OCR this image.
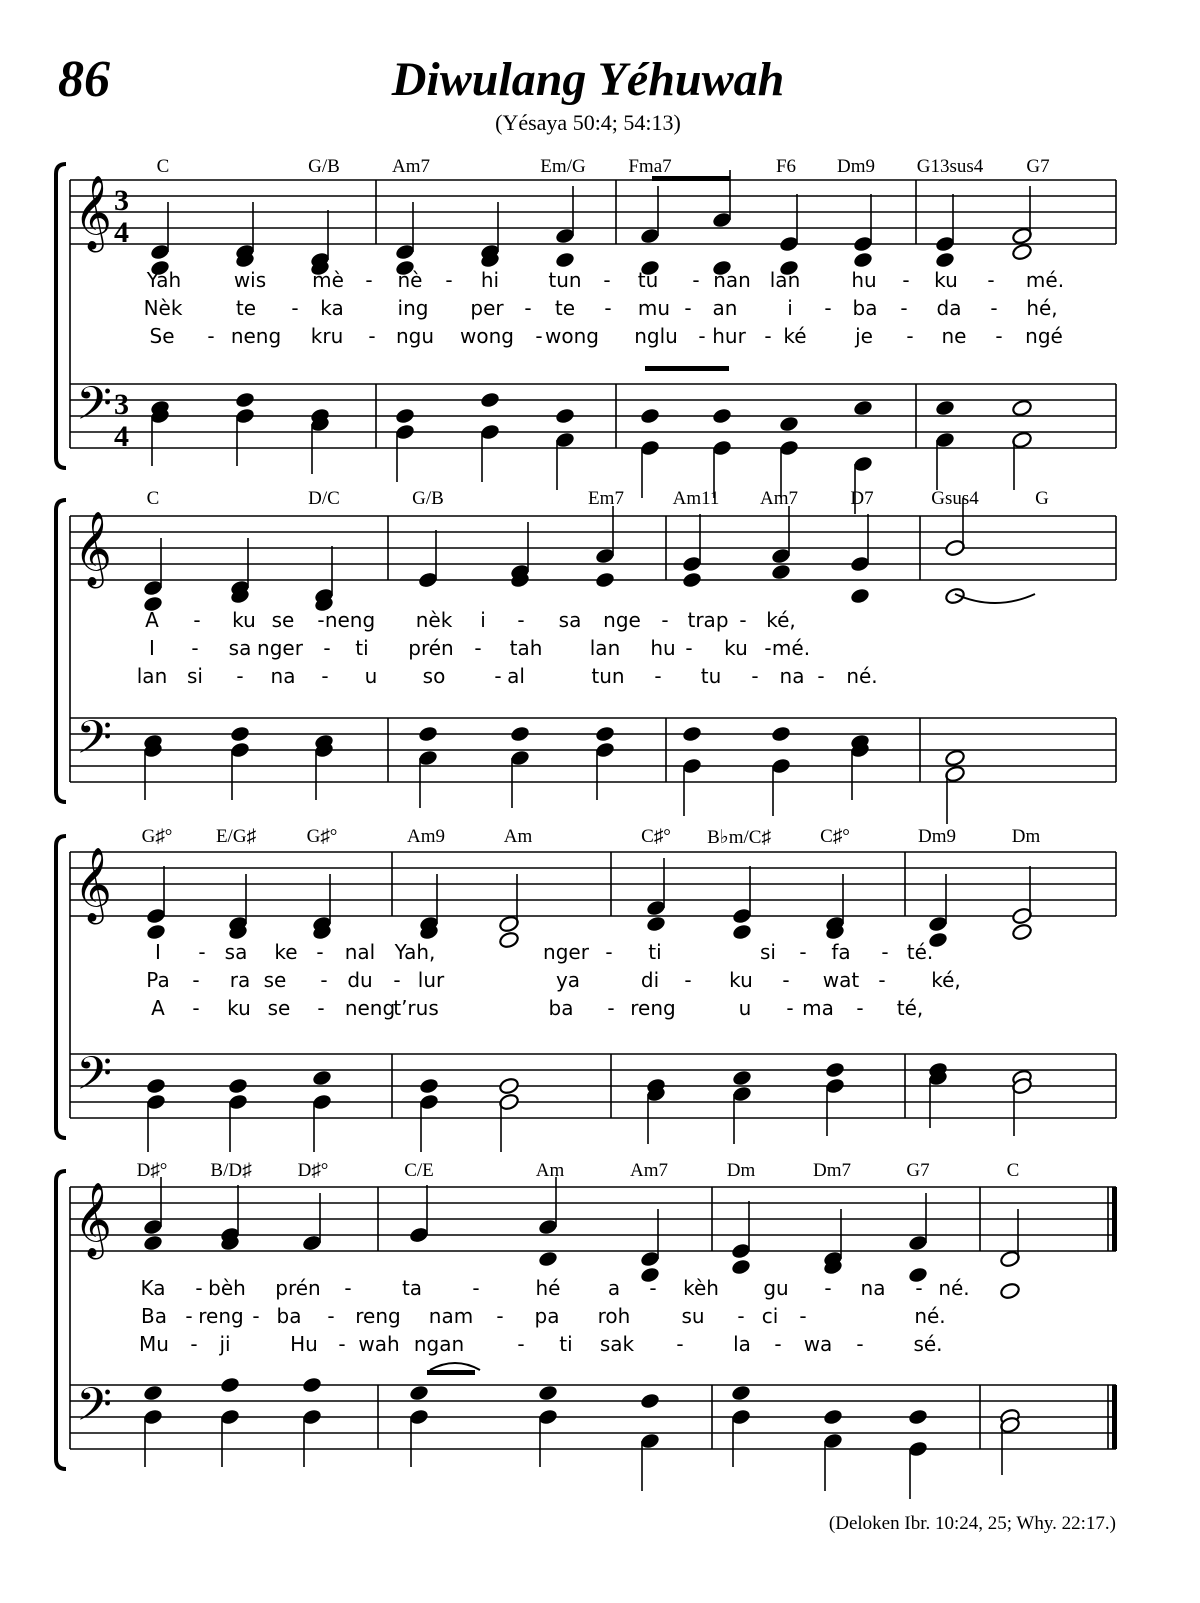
86	Diwulang Yéhuwah
(Yésaya 50:4; 54:13)
𝄞
𝄢
3
4
3
4
𝄞
𝄢
𝄞
𝄢
𝄞
𝄢
C	G/B	Am7	Em/G Fma7	F6 Dm9 G13sus4 G7
C	D/C	G/B	Em7	Am11 Am7	D7	Gsus4	G
G♯° E/G♯	G♯°	Am9	Am	C♯° B♭m/C♯	C♯°	Dm9	Dm
D♯° B/D♯ D♯°	C/E	Am	Am7	Dm	Dm7	G7	C
Yah	wis mè - nè - hi tun - tu - nan lan	hu - ku - mé.
Nèk	te - ka	ing per - te - mu - an i - ba - da - hé,
Se - neng kru - ngu wong - wong nglu - hur - ké je - ne - ngé
A - ku se - neng nèk i - sa nge - trap - ké,
I - sa nger - ti prén - tah lan hu - ku - mé.
lan si - na - u so - al	tun - tu - na - né.
I - sa ke - nal Yah,	nger - ti	si - fa - té.
Pa - ra se - du - lur	ya	di - ku - wat - ké,
A - ku se - neng
t’rus	ba - reng	u - ma - té,
Ka - bèh prén -	ta	-	hé a - kèh gu - na - né.
Ba - reng - ba - reng nam - pa roh	su - ci -	né.
Mu - ji	Hu - wah ngan	- ti sak - la - wa - sé.
(Deloken Ibr. 10:24, 25; Why. 22:17.)
